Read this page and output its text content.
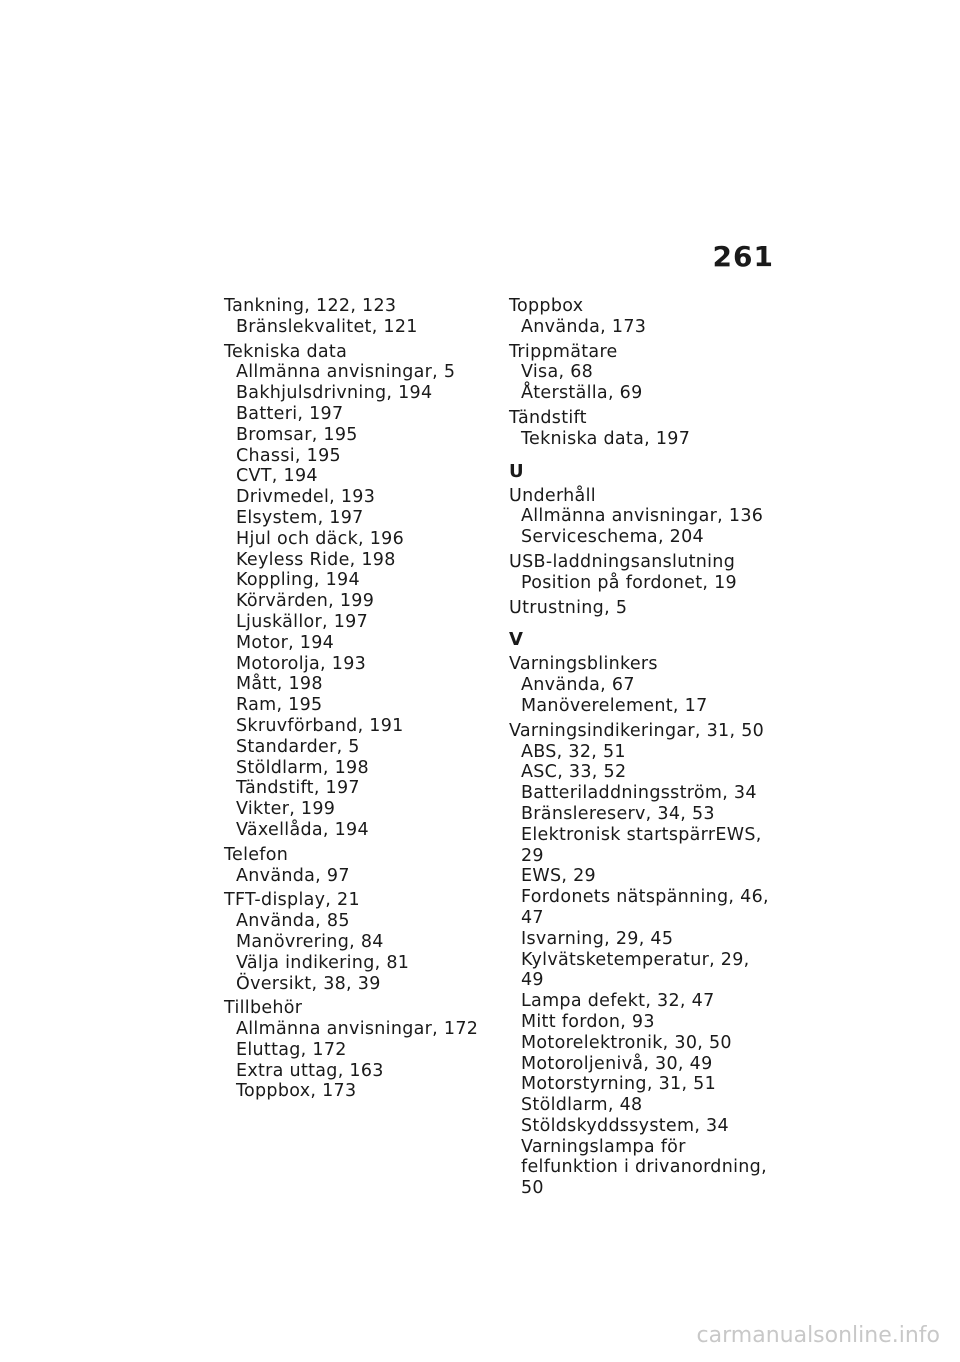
261
Tankning, 122, 123
Bränslekvalitet, 121
Tekniska data
Allmänna anvisningar, 5
Bakhjulsdrivning, 194
Batteri, 197
Bromsar, 195
Chassi, 195
CVT, 194
Drivmedel, 193
Elsystem, 197
Hjul och däck, 196
Keyless Ride, 198
Koppling, 194
Körvärden, 199
Ljuskällor, 197
Motor, 194
Motorolja, 193
Mått, 198
Ram, 195
Skruvförband, 191
Standarder, 5
Stöldlarm, 198
Tändstift, 197
Vikter, 199
Växellåda, 194
Telefon
Använda, 97
TFT-display, 21
Använda, 85
Manövrering, 84
Välja indikering, 81
Översikt, 38, 39
Tillbehör
Allmänna anvisningar, 172
Eluttag, 172
Extra uttag, 163
Toppbox, 173
Toppbox
Använda, 173
Trippmätare
Visa, 68
Återställa, 69
Tändstift
Tekniska data, 197
U
Underhåll
Allmänna anvisningar, 136
Serviceschema, 204
USB-laddningsanslutning
Position på fordonet, 19
Utrustning, 5
V
Varningsblinkers
Använda, 67
Manöverelement, 17
Varningsindikeringar, 31, 50
ABS, 32, 51
ASC, 33, 52
Batteriladdningsström, 34
Bränslereserv, 34, 53
Elektronisk startspärrEWS, 29
EWS, 29
Fordonets nätspänning, 46, 47
Isvarning, 29, 45
Kylvätsketemperatur, 29, 49
Lampa defekt, 32, 47
Mitt fordon, 93
Motorelektronik, 30, 50
Motoroljenivå, 30, 49
Motorstyrning, 31, 51
Stöldlarm, 48
Stöldskyddssystem, 34
Varningslampa för felfunktion i drivanordning, 50
carmanualsonline.info
